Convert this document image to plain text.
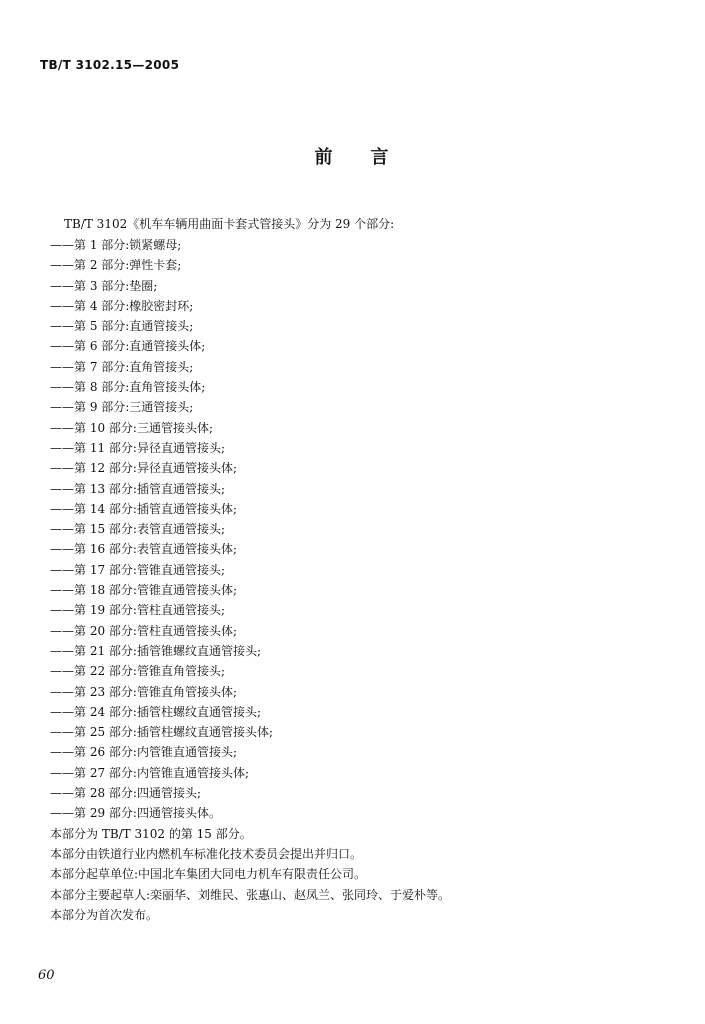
TB/T 3102.15—2005
前 言
TB/T 3102《机车车辆用曲面卡套式管接头》分为 29 个部分:
——第 1 部分:锁紧螺母;
——第 2 部分:弹性卡套;
——第 3 部分:垫圈;
——第 4 部分:橡胶密封环;
——第 5 部分:直通管接头;
——第 6 部分:直通管接头体;
——第 7 部分:直角管接头;
——第 8 部分:直角管接头体;
——第 9 部分:三通管接头;
——第 10 部分:三通管接头体;
——第 11 部分:异径直通管接头;
——第 12 部分:异径直通管接头体;
——第 13 部分:插管直通管接头;
——第 14 部分:插管直通管接头体;
——第 15 部分:表管直通管接头;
——第 16 部分:表管直通管接头体;
——第 17 部分:管锥直通管接头;
——第 18 部分:管锥直通管接头体;
——第 19 部分:管柱直通管接头;
——第 20 部分:管柱直通管接头体;
——第 21 部分:插管锥螺纹直通管接头;
——第 22 部分:管锥直角管接头;
——第 23 部分:管锥直角管接头体;
——第 24 部分:插管柱螺纹直通管接头;
——第 25 部分:插管柱螺纹直通管接头体;
——第 26 部分:内管锥直通管接头;
——第 27 部分:内管锥直通管接头体;
——第 28 部分:四通管接头;
——第 29 部分:四通管接头体。

本部分为 TB/T 3102 的第 15 部分。

本部分由铁道行业内燃机车标准化技术委员会提出并归口。

本部分起草单位:中国北车集团大同电力机车有限责任公司。

本部分主要起草人:栾丽华、刘维民、张惠山、赵凤兰、张同玲、于爱朴等。

本部分为首次发布。

60
